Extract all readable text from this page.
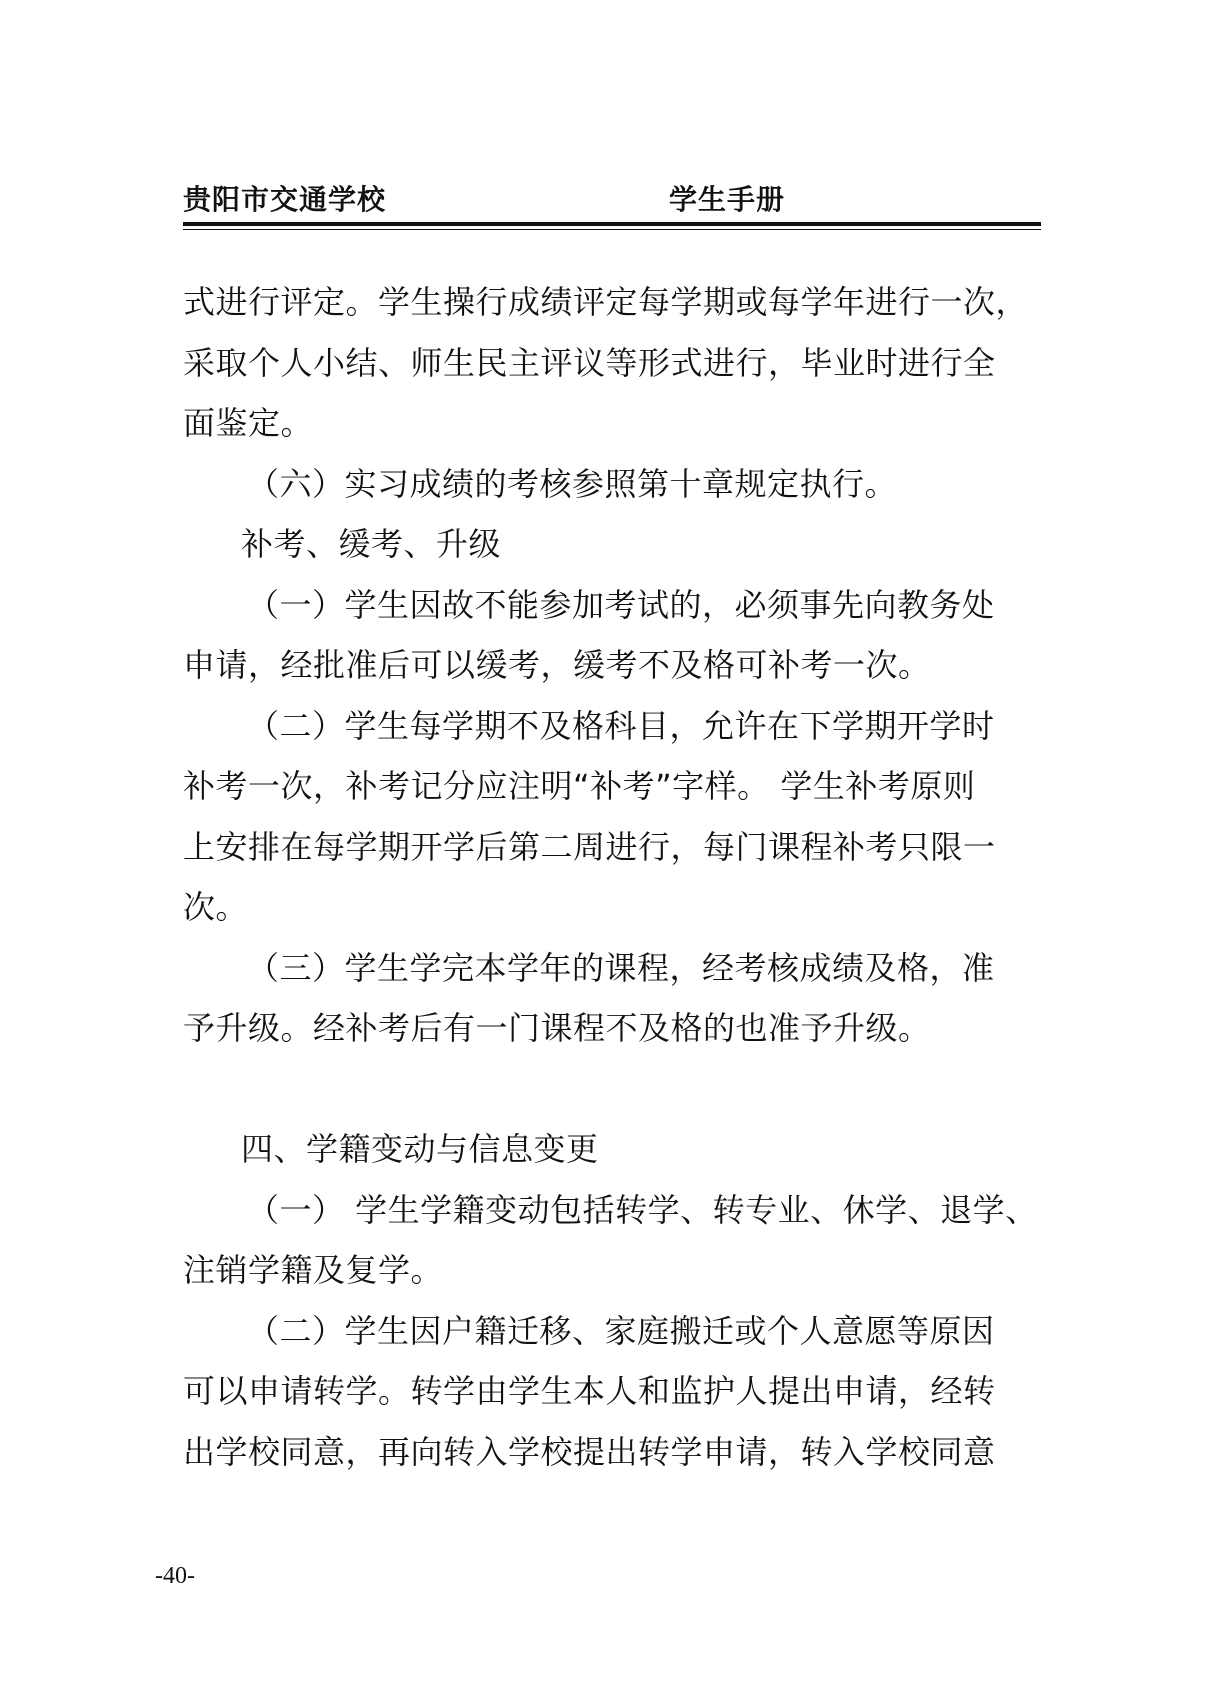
贵阳市交通学校	学生手册
式进行评定。学生操行成绩评定每学期或每学年进行一次，
采取个人小结、师生民主评议等形式进行，毕业时进行全
面鉴定。
（六）实习成绩的考核参照第十章规定执行。
补考、缓考、升级
（一）学生因故不能参加考试的，必须事先向教务处
申请，经批准后可以缓考，缓考不及格可补考一次。
（二）学生每学期不及格科目，允许在下学期开学时
补考一次，补考记分应注明“补考”字样。 学生补考原则
上安排在每学期开学后第二周进行，每门课程补考只限一
次。
（三）学生学完本学年的课程，经考核成绩及格，准
予升级。经补考后有一门课程不及格的也准予升级。
四、学籍变动与信息变更
（一） 学生学籍变动包括转学、转专业、休学、退学、
注销学籍及复学。
（二）学生因户籍迁移、家庭搬迁或个人意愿等原因
可以申请转学。转学由学生本人和监护人提出申请，经转
出学校同意，再向转入学校提出转学申请，转入学校同意
-40-
